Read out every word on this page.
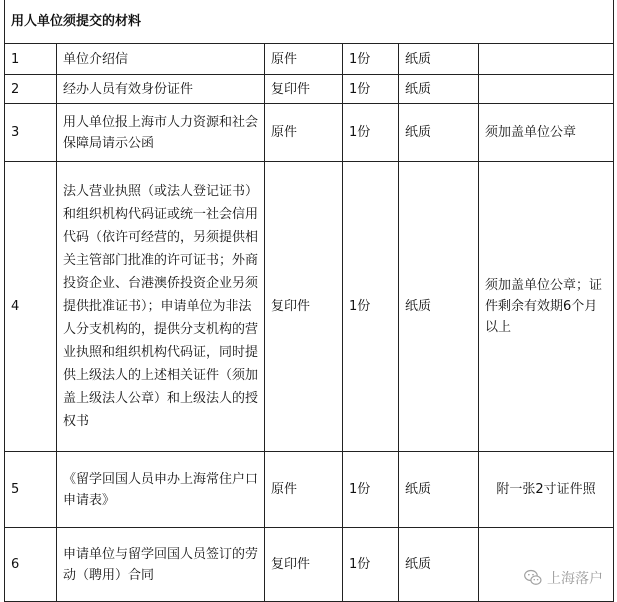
用人单位须提交的材料					
1	单位介绍信	原件	1份	纸质	
2	经办人员有效身份证件	复印件	1份	纸质	
3	用人单位报上海市人力资源和社会保障局请示公函	原件	1份	纸质	须加盖单位公章
4	法人营业执照（或法人登记证书）和组织机构代码证或统一社会信用代码（依许可经营的，另须提供相关主管部门批准的许可证书；外商投资企业、台港澳侨投资企业另须提供批准证书）；申请单位为非法人分支机构的，提供分支机构的营业执照和组织机构代码证，同时提供上级法人的上述相关证件（须加盖上级法人公章）和上级法人的授权书	复印件	1份	纸质	须加盖单位公章；证件剩余有效期6个月以上
5	《留学回国人员申办上海常住户口申请表》	原件	1份	纸质	附一张2寸证件照
6	申请单位与留学回国人员签订的劳动（聘用）合同	复印件	1份	纸质	
上海落户
